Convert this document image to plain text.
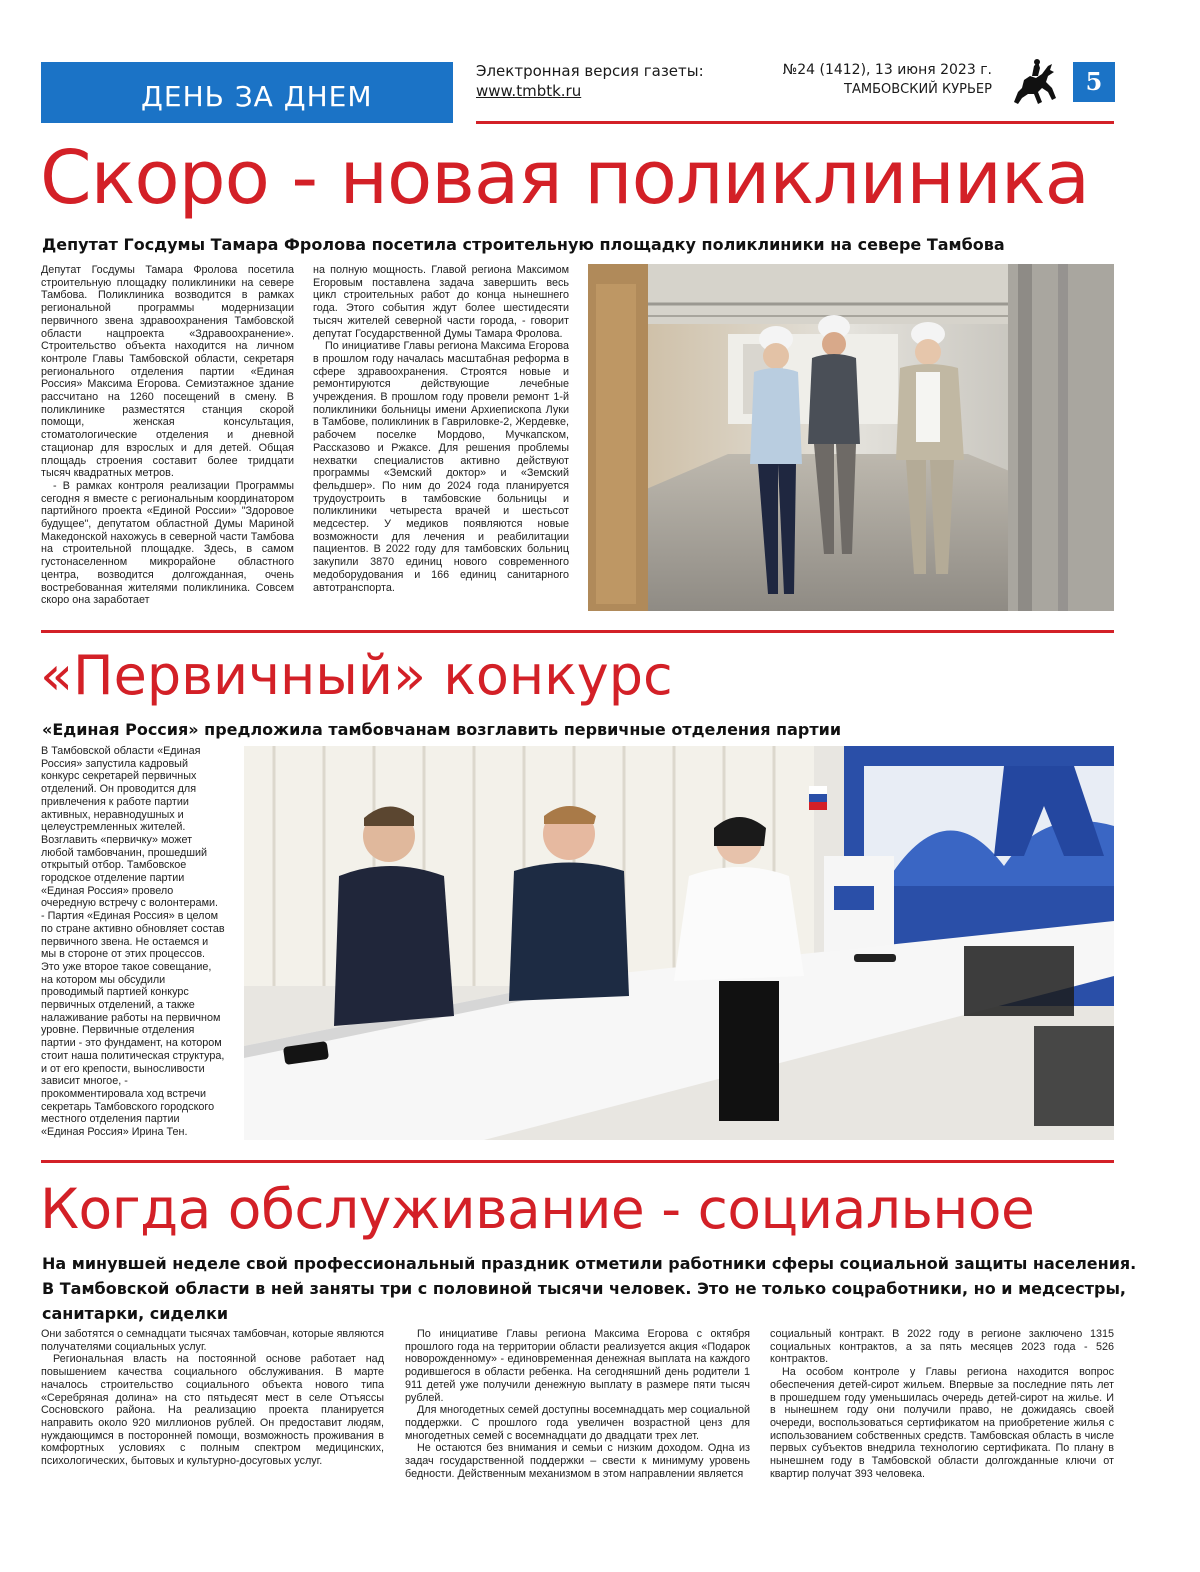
ДЕНЬ ЗА ДНЕМ
Электронная версия газеты:
www.tmbtk.ru
№24 (1412), 13 июня 2023 г.
ТАМБОВСКИЙ КУРЬЕР	5
Скоро - новая поликлиника
Депутат Госдумы Тамара Фролова посетила строительную площадку поликлиники на севере Тамбова

Депутат Госдумы Тамара Фролова посетила строительную площадку поликлиники на севере Тамбова. Поликлиника возводится в рамках региональной программы модернизации первичного звена здравоохранения Тамбовской области нацпроекта «Здравоохранение». Строительство объекта находится на личном контроле Главы Тамбовской области, секретаря регионального отделения партии «Единая Россия» Максима Егорова. Семиэтажное здание рассчитано на 1260 посещений в смену. В поликлинике разместятся станция скорой помощи, женская консультация, стоматологические отделения и дневной стационар для взрослых и для детей. Общая площадь строения составит более тридцати тысяч квадратных метров.

- В рамках контроля реализации Программы сегодня я вместе с региональным координатором партийного проекта «Единой России» "Здоровое будущее", депутатом областной Думы Мариной Македонской нахожусь в северной части Тамбова на строительной площадке. Здесь, в самом густонаселенном микрорайоне областного центра, возводится долгожданная, очень востребованная жителями поликлиника. Совсем скоро она заработает

на полную мощность. Главой региона Максимом Егоровым поставлена задача завершить весь цикл строительных работ до конца нынешнего года. Этого события ждут более шестидесяти тысяч жителей северной части города, - говорит депутат Государственной Думы Тамара Фролова.

По инициативе Главы региона Максима Егорова в прошлом году началась масштабная реформа в сфере здравоохранения. Строятся новые и ремонтируются действующие лечебные учреждения. В прошлом году провели ремонт 1-й поликлиники больницы имени Архиепископа Луки в Тамбове, поликлиник в Гавриловке-2, Жердевке, рабочем поселке Мордово, Мучкапском, Рассказово и Ржаксе. Для решения проблемы нехватки специалистов активно действуют программы «Земский доктор» и «Земский фельдшер». По ним до 2024 года планируется трудоустроить в тамбовские больницы и поликлиники четыреста врачей и шестьсот медсестер. У медиков появляются новые возможности для лечения и реабилитации пациентов. В 2022 году для тамбовских больниц закупили 3870 единиц нового современного медоборудования и 166 единиц санитарного автотранспорта.

«Первичный» конкурс
«Единая Россия» предложила тамбовчанам возглавить первичные отделения партии

В Тамбовской области «Единая Россия» запустила кадровый конкурс секретарей первичных отделений. Он проводится для привлечения к работе партии активных, неравнодушных и целеустремленных жителей. Возглавить «первичку» может любой тамбовчанин, прошедший открытый отбор. Тамбовское городское отделение партии «Единая Россия» провело очередную встречу с волонтерами.

- Партия «Единая Россия» в целом по стране активно обновляет состав первичного звена. Не остаемся и мы в стороне от этих процессов. Это уже второе такое совещание, на котором мы обсудили проводимый партией конкурс первичных отделений, а также налаживание работы на первичном уровне. Первичные отделения партии - это фундамент, на котором стоит наша политическая структура, и от его крепости, выносливости зависит многое, - прокомментировала ход встречи секретарь Тамбовского городского местного отделения партии «Единая Россия» Ирина Тен.

Когда обслуживание - социальное
На минувшей неделе свой профессиональный праздник отметили работники сферы социальной защиты населения.
В Тамбовской области в ней заняты три с половиной тысячи человек. Это не только соцработники, но и медсестры,
санитарки, сиделки

Они заботятся о семнадцати тысячах тамбовчан, которые являются получателями социальных услуг.

Региональная власть на постоянной основе работает над повышением качества социального обслуживания. В марте началось строительство социального объекта нового типа «Серебряная долина» на сто пятьдесят мест в селе Отъяссы Сосновского района. На реализацию проекта планируется направить около 920 миллионов рублей. Он предоставит людям, нуждающимся в посторонней помощи, возможность проживания в комфортных условиях с полным спектром медицинских, психологических, бытовых и культурно-досуговых услуг.

По инициативе Главы региона Максима Егорова с октября прошлого года на территории области реализуется акция «Подарок новорожденному» - единовременная денежная выплата на каждого родившегося в области ребенка. На сегодняшний день родители 1 911 детей уже получили денежную выплату в размере пяти тысяч рублей.

Для многодетных семей доступны восемнадцать мер социальной поддержки. С прошлого года увеличен возрастной ценз для многодетных семей с восемнадцати до двадцати трех лет.

Не остаются без внимания и семьи с низким доходом. Одна из задач государственной поддержки – свести к минимуму уровень бедности. Действенным механизмом в этом направлении является

социальный контракт. В 2022 году в регионе заключено 1315 социальных контрактов, а за пять месяцев 2023 года - 526 контрактов.

На особом контроле у Главы региона находится вопрос обеспечения детей-сирот жильем. Впервые за последние пять лет в прошедшем году уменьшилась очередь детей-сирот на жилье. И в нынешнем году они получили право, не дожидаясь своей очереди, воспользоваться сертификатом на приобретение жилья с использованием собственных средств. Тамбовская область в числе первых субъектов внедрила технологию сертификата. По плану в нынешнем году в Тамбовской области долгожданные ключи от квартир получат 393 человека.
